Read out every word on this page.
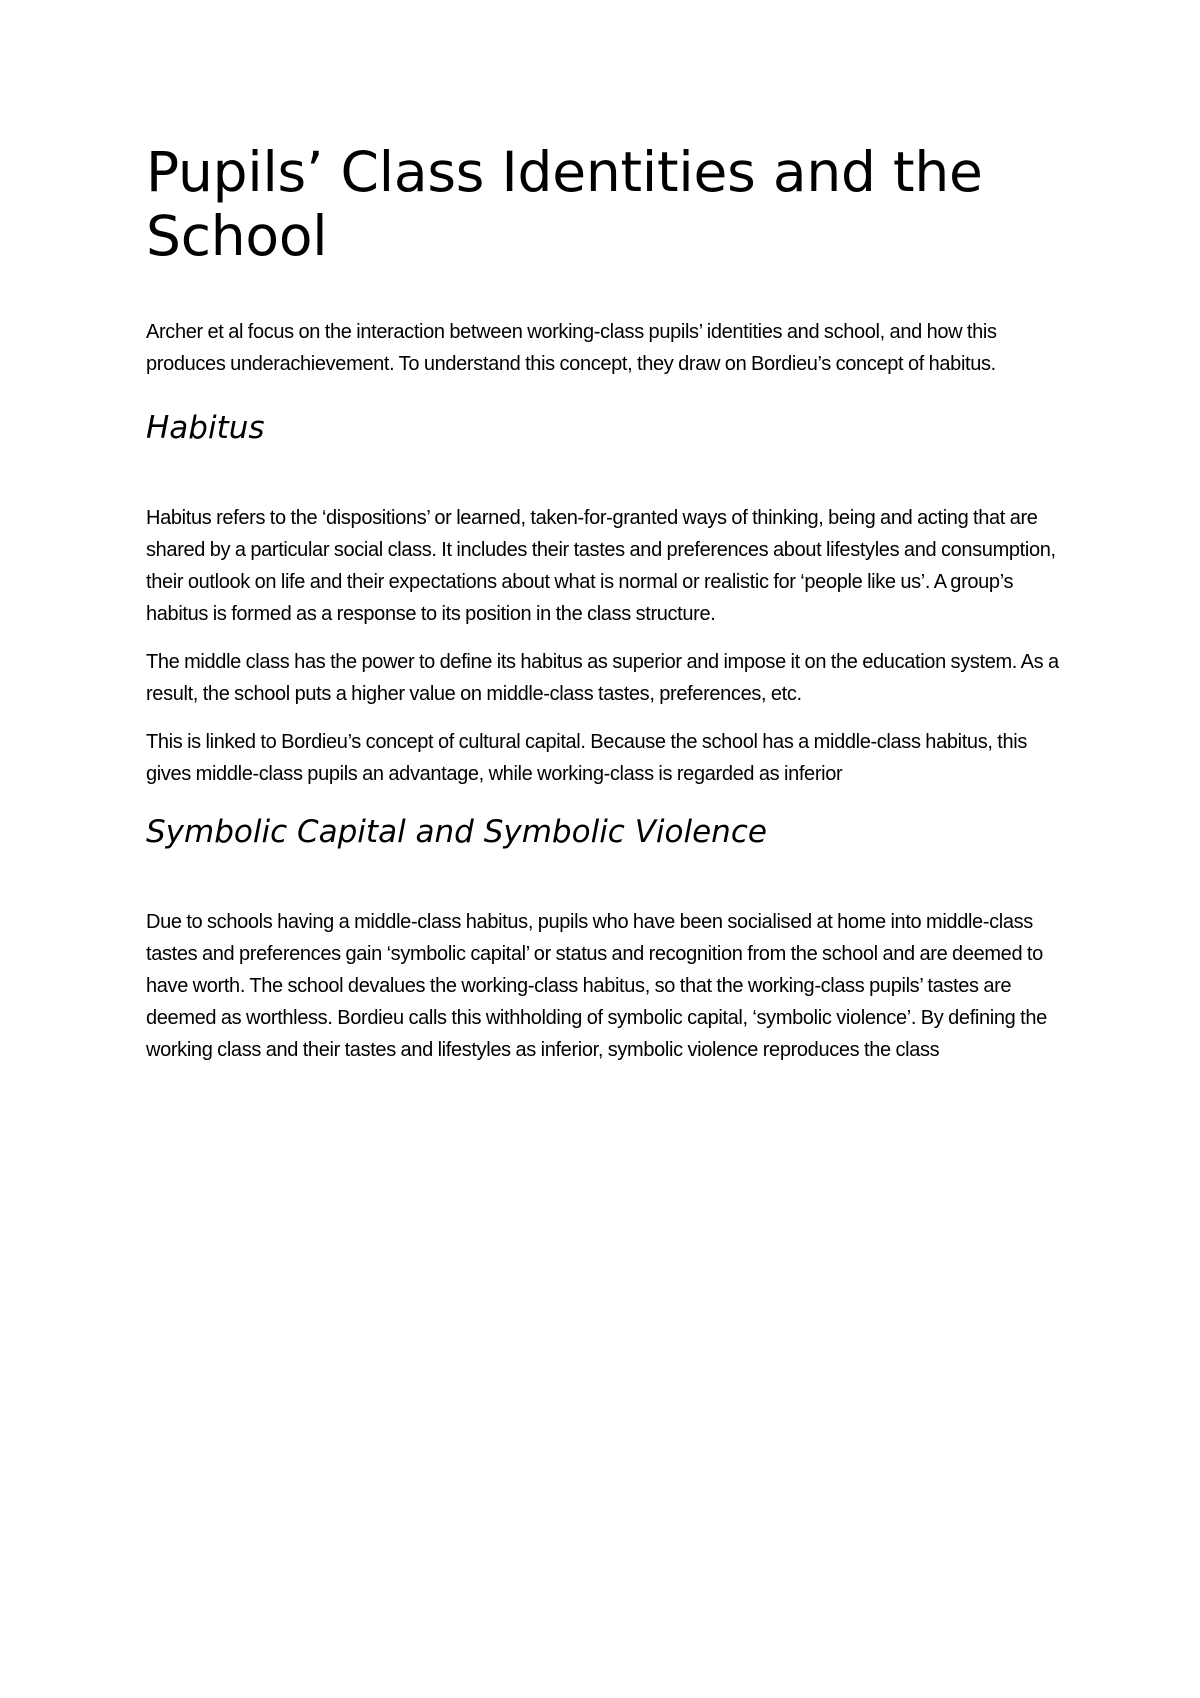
Pupils’ Class Identities and the School

Archer et al focus on the interaction between working-class pupils’ identities and school, and how this produces underachievement. To understand this concept, they draw on Bordieu’s concept of habitus.

Habitus

Habitus refers to the ‘dispositions’ or learned, taken-for-granted ways of thinking, being and acting that are shared by a particular social class. It includes their tastes and preferences about lifestyles and consumption, their outlook on life and their expectations about what is normal or realistic for ‘people like us’. A group’s habitus is formed as a response to its position in the class structure.

The middle class has the power to define its habitus as superior and impose it on the education system. As a result, the school puts a higher value on middle-class tastes, preferences, etc.

This is linked to Bordieu’s concept of cultural capital. Because the school has a middle-class habitus, this gives middle-class pupils an advantage, while working-class is regarded as inferior

Symbolic Capital and Symbolic Violence

Due to schools having a middle-class habitus, pupils who have been socialised at home into middle-class tastes and preferences gain ‘symbolic capital’ or status and recognition from the school and are deemed to have worth. The school devalues the working-class habitus, so that the working-class pupils’ tastes are deemed as worthless. Bordieu calls this withholding of symbolic capital, ‘symbolic violence’. By defining the working class and their tastes and lifestyles as inferior, symbolic violence reproduces the class
